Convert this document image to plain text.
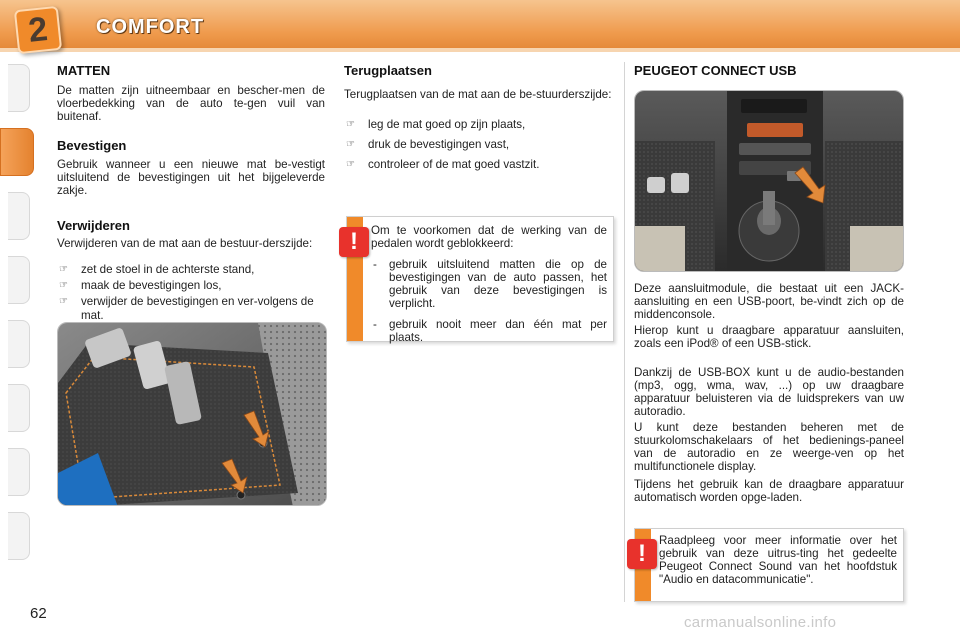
2	COMFORT
MATTEN
De matten zijn uitneembaar en bescher-men de vloerbedekking van de auto te-gen vuil van buitenaf.
Bevestigen
Gebruik wanneer u een nieuwe mat be-vestigt uitsluitend de bevestigingen uit het bijgeleverde zakje.
Verwijderen
Verwijderen van de mat aan de bestuur-derszijde:
☞ zet de stoel in de achterste stand,
☞ maak de bevestigingen los,
☞ verwijder de bevestigingen en ver-volgens de mat.
Terugplaatsen
Terugplaatsen van de mat aan de be-stuurderszijde:
☞ leg de mat goed op zijn plaats,
☞ druk de bevestigingen vast,
☞ controleer of de mat goed vastzit.
!	Om te voorkomen dat de werking van de pedalen wordt geblokkeerd:
- gebruik uitsluitend matten die op de bevestigingen van de auto passen, het gebruik van deze bevestigingen is verplicht.
- gebruik nooit meer dan één mat per plaats.
PEUGEOT CONNECT USB
Deze aansluitmodule, die bestaat uit een JACK-aansluiting en een USB-poort, be-vindt zich op de middenconsole.
Hierop kunt u draagbare apparatuur aansluiten, zoals een iPod® of een USB-stick.
Dankzij de USB-BOX kunt u de audio-bestanden (mp3, ogg, wma, wav, ...) op uw draagbare apparatuur beluisteren via de luidsprekers van uw autoradio.
U kunt deze bestanden beheren met de stuurkolomschakelaars of het bedienings-paneel van de autoradio en ze weerge-ven op het multifunctionele display.
Tijdens het gebruik kan de draagbare apparatuur automatisch worden opge-laden.
!	Raadpleeg voor meer informatie over het gebruik van deze uitrus-ting het gedeelte Peugeot Connect Sound van het hoofdstuk "Audio en datacommunicatie".
62
carmanualsonline.info
